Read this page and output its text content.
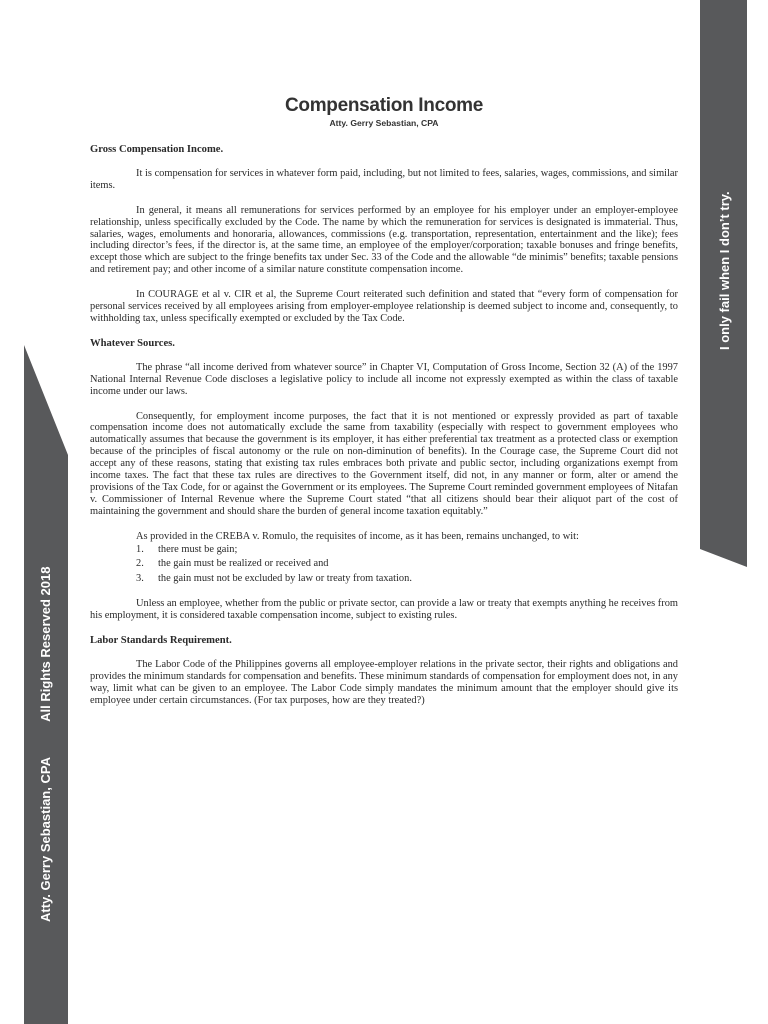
Atty. Gerry Sebastian, CPA          All Rights Reserved 2018
I only fail when I don’t try.
Compensation Income
Atty. Gerry Sebastian, CPA
Gross Compensation Income.

It is compensation for services in whatever form paid, including, but not limited to fees, salaries, wages, commissions, and similar items.

In general, it means all remunerations for services performed by an employee for his employer under an employer-employee relationship, unless specifically excluded by the Code. The name by which the remuneration for services is designated is immaterial. Thus, salaries, wages, emoluments and honoraria, allowances, commissions (e.g. transportation, representation, entertainment and the like); fees including director’s fees, if the director is, at the same time, an employee of the employer/corporation; taxable bonuses and fringe benefits, except those which are subject to the fringe benefits tax under Sec. 33 of the Code and the allowable “de minimis” benefits; taxable pensions and retirement pay; and other income of a similar nature constitute compensation income.

In COURAGE et al v. CIR et al, the Supreme Court reiterated such definition and stated that “every form of compensation for personal services received by all employees arising from employer-employee relationship is deemed subject to income and, consequently, to withholding tax, unless specifically exempted or excluded by the Tax Code.

Whatever Sources.

The phrase “all income derived from whatever source” in Chapter VI, Computation of Gross Income, Section 32 (A) of the 1997 National Internal Revenue Code discloses a legislative policy to include all income not expressly exempted as within the class of taxable income under our laws.

Consequently, for employment income purposes, the fact that it is not mentioned or expressly provided as part of taxable compensation income does not automatically exclude the same from taxability (especially with respect to government employees who automatically assumes that because the government is its employer, it has either preferential tax treatment as a protected class or exemption because of the principles of fiscal autonomy or the rule on non-diminution of benefits). In the Courage case, the Supreme Court did not accept any of these reasons, stating that existing tax rules embraces both private and public sector, including organizations exempt from income taxes. The fact that these tax rules are directives to the Government itself, did not, in any manner or form, alter or amend the provisions of the Tax Code, for or against the Government or its employees. The Supreme Court reminded government employees of Nitafan v. Commissioner of Internal Revenue where the Supreme Court stated “that all citizens should bear their aliquot part of the cost of maintaining the government and should share the burden of general income taxation equitably.”

As provided in the CREBA v. Romulo, the requisites of income, as it has been, remains unchanged, to wit:

1.	there must be gain;
2.	the gain must be realized or received and
3.	the gain must not be excluded by law or treaty from taxation.

Unless an employee, whether from the public or private sector, can provide a law or treaty that exempts anything he receives from his employment, it is considered taxable compensation income, subject to existing rules.

Labor Standards Requirement.

The Labor Code of the Philippines governs all employee-employer relations in the private sector, their rights and obligations and provides the minimum standards for compensation and benefits. These minimum standards of compensation for employment does not, in any way, limit what can be given to an employee. The Labor Code simply mandates the minimum amount that the employer should give its employee under certain circumstances. (For tax purposes, how are they treated?)
